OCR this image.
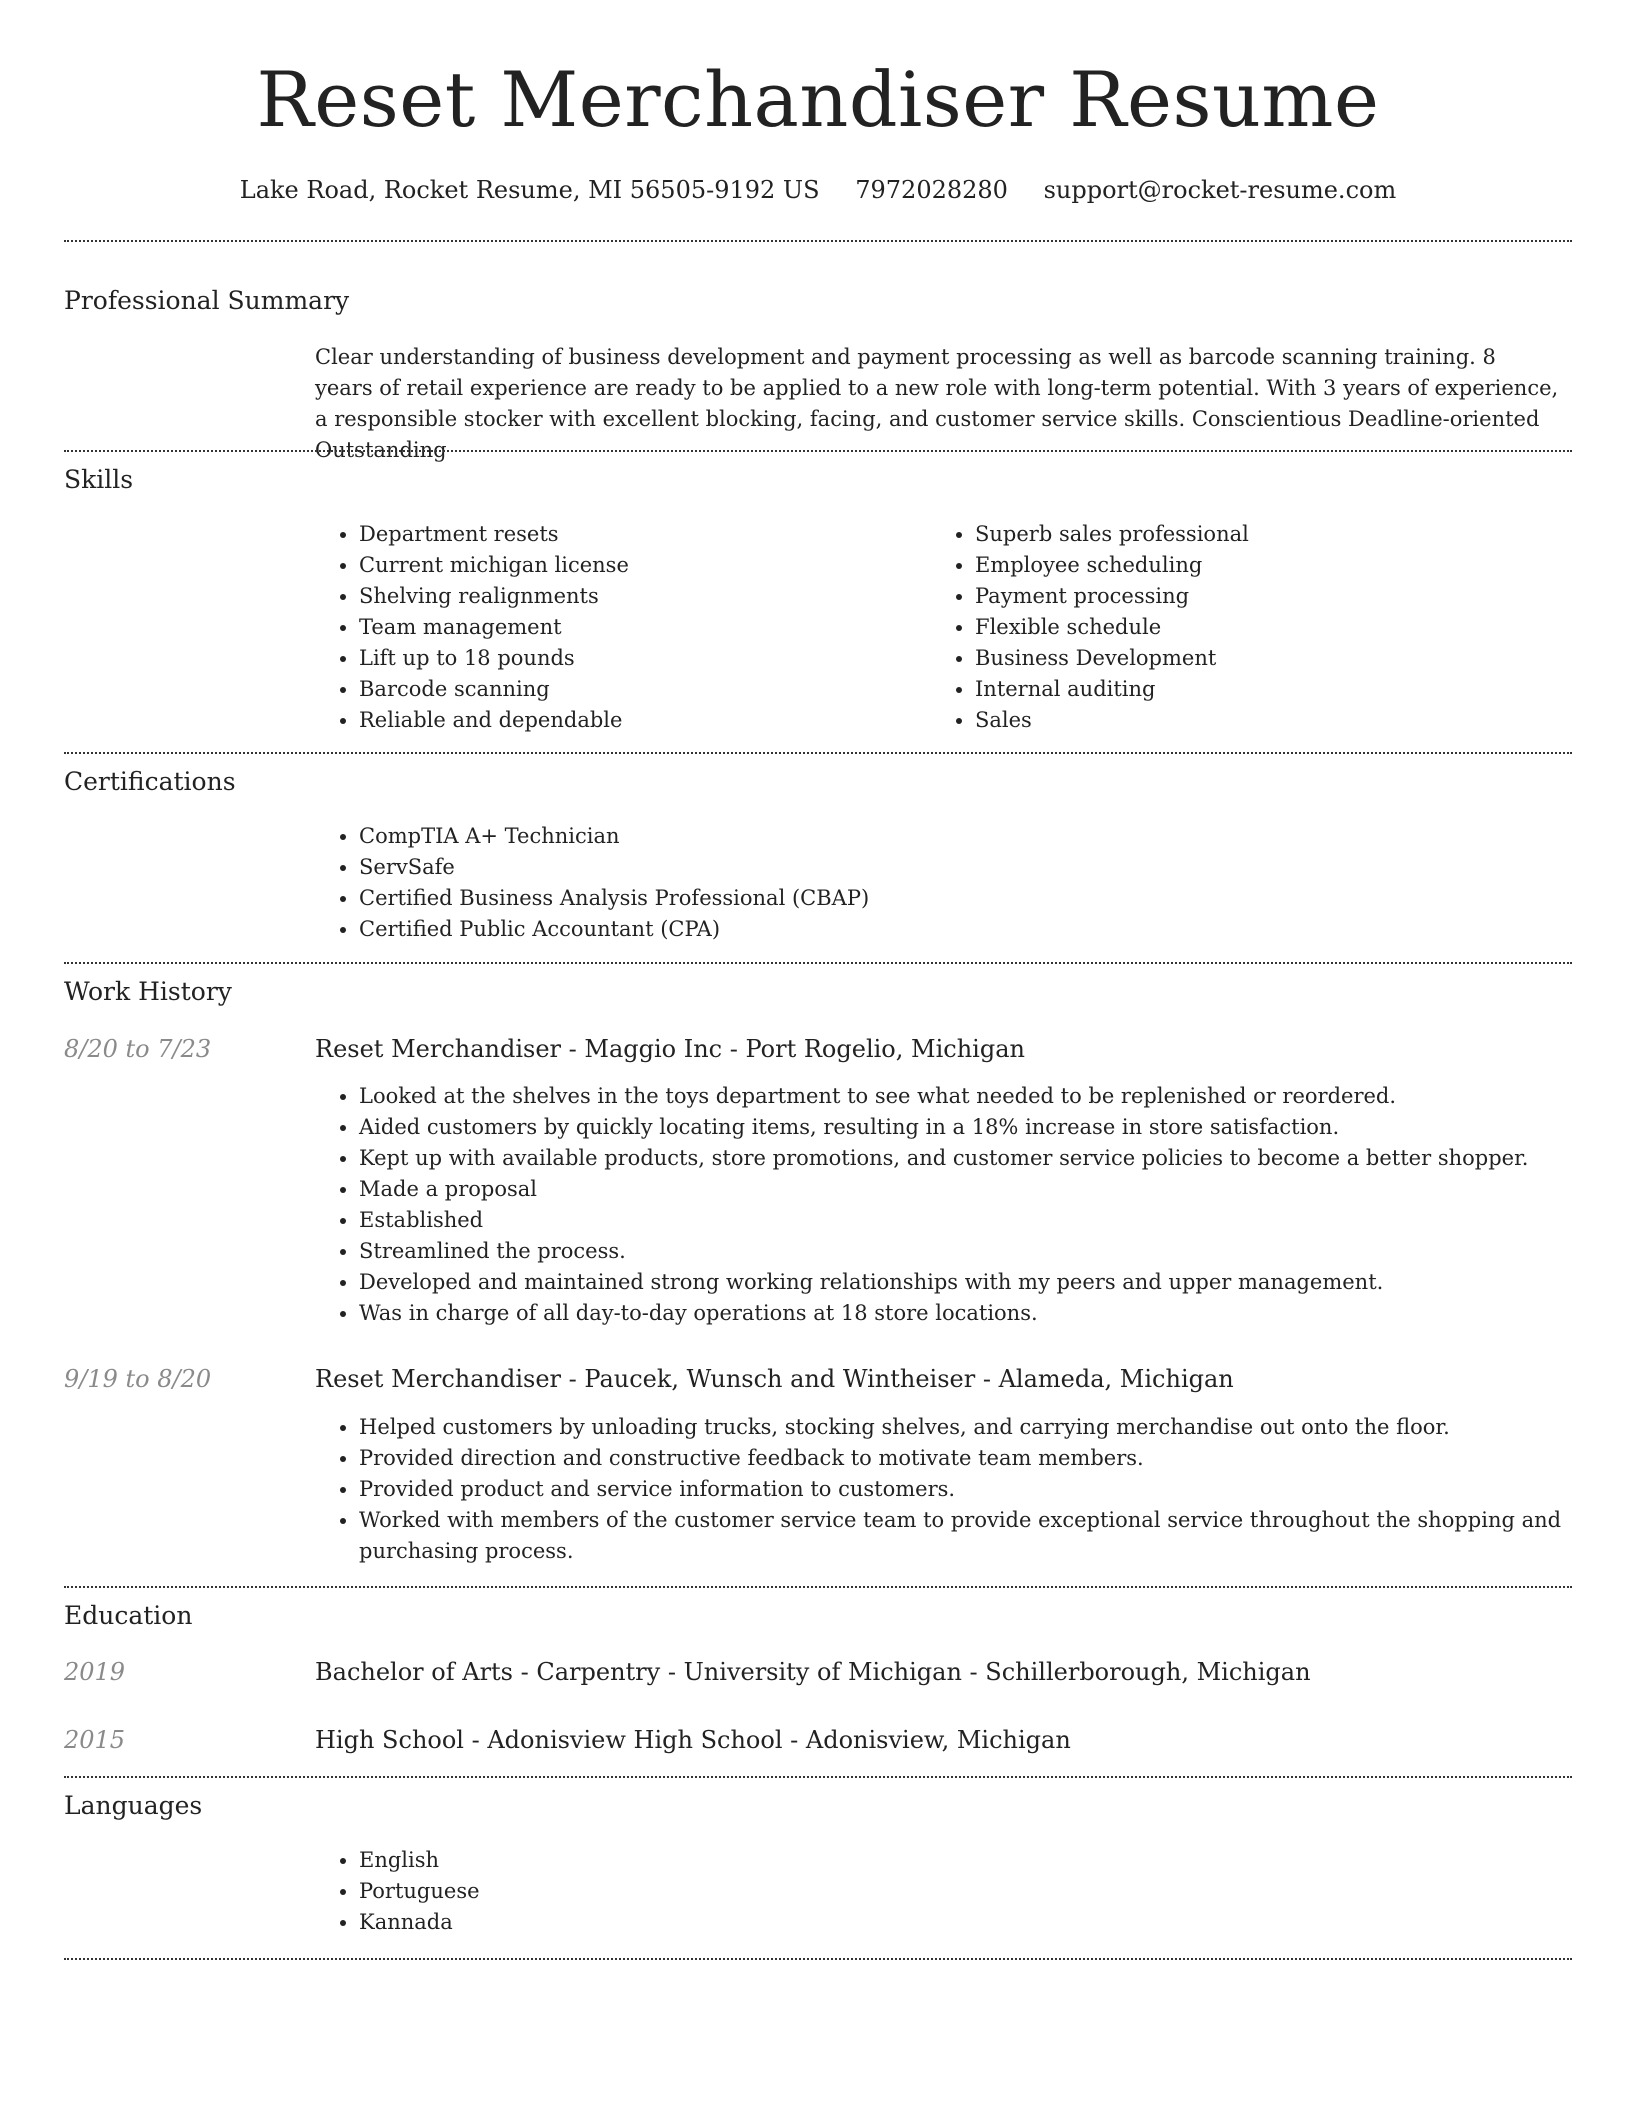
Reset Merchandiser Resume
Lake Road, Rocket Resume, MI 56505-9192 US 7972028280 support@rocket-resume.com
Professional Summary

Clear understanding of business development and payment processing as well as barcode scanning training. 8 years of retail experience are ready to be applied to a new role with long-term potential. With 3 years of experience, a responsible stocker with excellent blocking, facing, and customer service skills. Conscientious Deadline-oriented Outstanding

Skills
• Department resets
• Current michigan license
• Shelving realignments
• Team management
• Lift up to 18 pounds
• Barcode scanning
• Reliable and dependable
• Superb sales professional
• Employee scheduling
• Payment processing
• Flexible schedule
• Business Development
• Internal auditing
• Sales
Certifications
• CompTIA A+ Technician
• ServSafe
• Certified Business Analysis Professional (CBAP)
• Certified Public Accountant (CPA)
Work History
8/20 to 7/23	Reset Merchandiser - Maggio Inc - Port Rogelio, Michigan
• Looked at the shelves in the toys department to see what needed to be replenished or reordered.
• Aided customers by quickly locating items, resulting in a 18% increase in store satisfaction.
• Kept up with available products, store promotions, and customer service policies to become a better shopper.
• Made a proposal
• Established
• Streamlined the process.
• Developed and maintained strong working relationships with my peers and upper management.
• Was in charge of all day-to-day operations at 18 store locations.
9/19 to 8/20	Reset Merchandiser - Paucek, Wunsch and Wintheiser - Alameda, Michigan
• Helped customers by unloading trucks, stocking shelves, and carrying merchandise out onto the floor.
• Provided direction and constructive feedback to motivate team members.
• Provided product and service information to customers.
• Worked with members of the customer service team to provide exceptional service throughout the shopping and purchasing process.
Education
2019	Bachelor of Arts - Carpentry - University of Michigan - Schillerborough, Michigan
2015	High School - Adonisview High School - Adonisview, Michigan
Languages
• English
• Portuguese
• Kannada
